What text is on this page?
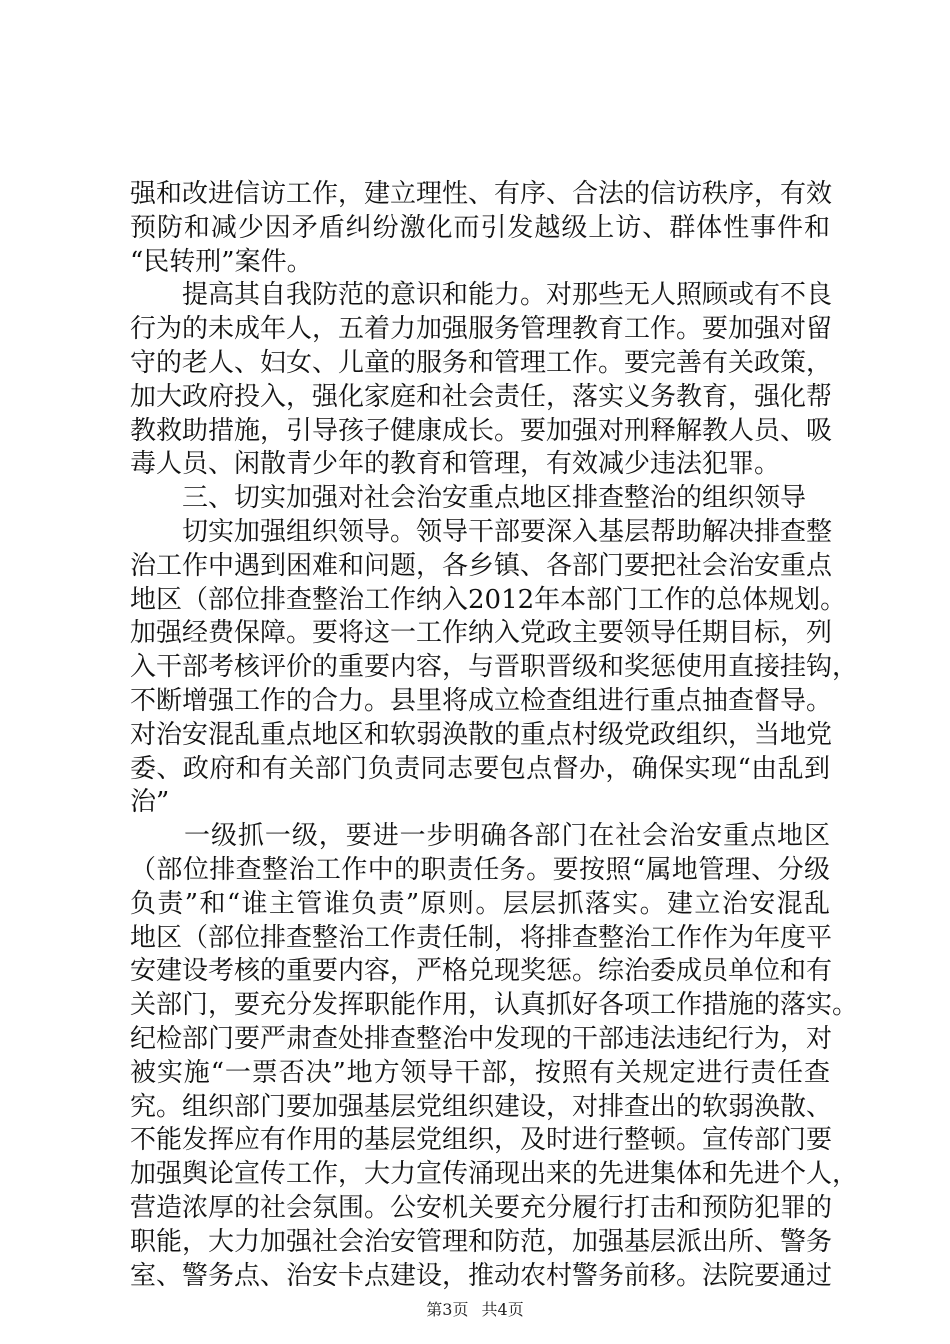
强和改进信访工作，建立理性、有序、合法的信访秩序，有效
预防和减少因矛盾纠纷激化而引发越级上访、群体性事件和
“民转刑”案件。
提高其自我防范的意识和能力。对那些无人照顾或有不良
行为的未成年人，五着力加强服务管理教育工作。要加强对留
守的老人、妇女、儿童的服务和管理工作。要完善有关政策，
加大政府投入，强化家庭和社会责任，落实义务教育，强化帮
教救助措施，引导孩子健康成长。要加强对刑释解教人员、吸
毒人员、闲散青少年的教育和管理，有效减少违法犯罪。
三、切实加强对社会治安重点地区排查整治的组织领导
切实加强组织领导。领导干部要深入基层帮助解决排查整
治工作中遇到困难和问题，各乡镇、各部门要把社会治安重点
地区（部位排查整治工作纳入2012年本部门工作的总体规划。
加强经费保障。要将这一工作纳入党政主要领导任期目标，列
入干部考核评价的重要内容，与晋职晋级和奖惩使用直接挂钩，
不断增强工作的合力。县里将成立检查组进行重点抽查督导。
对治安混乱重点地区和软弱涣散的重点村级党政组织，当地党
委、政府和有关部门负责同志要包点督办，确保实现“由乱到
治”
一级抓一级，要进一步明确各部门在社会治安重点地区
（部位排查整治工作中的职责任务。要按照“属地管理、分级
负责”和“谁主管谁负责”原则。层层抓落实。建立治安混乱
地区（部位排查整治工作责任制，将排查整治工作作为年度平
安建设考核的重要内容，严格兑现奖惩。综治委成员单位和有
关部门，要充分发挥职能作用，认真抓好各项工作措施的落实。
纪检部门要严肃查处排查整治中发现的干部违法违纪行为，对
被实施“一票否决”地方领导干部，按照有关规定进行责任查
究。组织部门要加强基层党组织建设，对排查出的软弱涣散、
不能发挥应有作用的基层党组织，及时进行整顿。宣传部门要
加强舆论宣传工作，大力宣传涌现出来的先进集体和先进个人，
营造浓厚的社会氛围。公安机关要充分履行打击和预防犯罪的
职能，大力加强社会治安管理和防范，加强基层派出所、警务
室、警务点、治安卡点建设，推动农村警务前移。法院要通过
第3页 共4页
